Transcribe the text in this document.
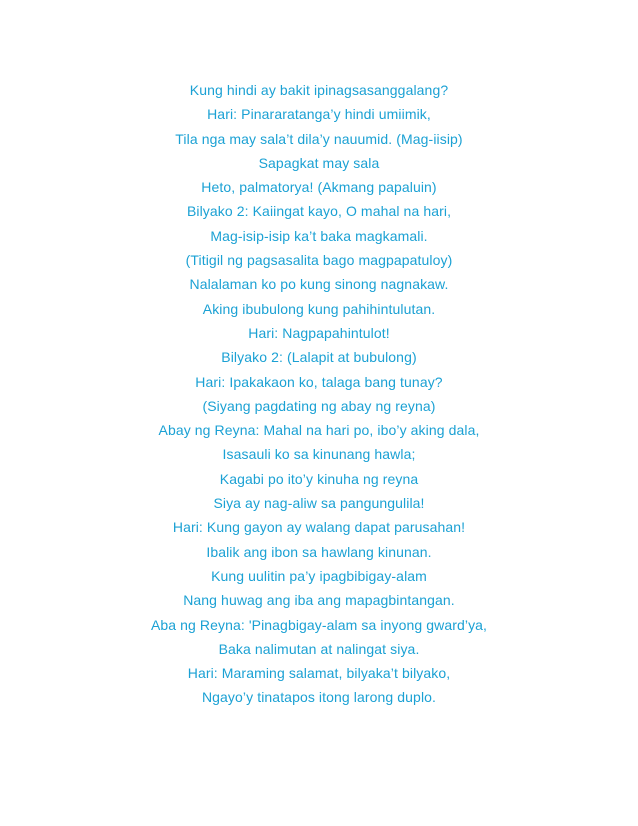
Kung hindi ay bakit ipinagsasanggalang?
Hari: Pinararatanga’y hindi umiimik,
Tila nga may sala’t dila’y nauumid. (Mag-iisip)
Sapagkat may sala
Heto, palmatorya! (Akmang papaluin)
Bilyako 2: Kaiingat kayo, O mahal na hari,
Mag-isip-isip ka’t baka magkamali.
(Titigil ng pagsasalita bago magpapatuloy)
Nalalaman ko po kung sinong nagnakaw.
Aking ibubulong kung pahihintulutan.
Hari: Nagpapahintulot!
Bilyako 2: (Lalapit at bubulong)
Hari: Ipakakaon ko, talaga bang tunay?
(Siyang pagdating ng abay ng reyna)
Abay ng Reyna: Mahal na hari po, ibo’y aking dala,
Isasauli ko sa kinunang hawla;
Kagabi po ito’y kinuha ng reyna
Siya ay nag-aliw sa pangungulila!
Hari: Kung gayon ay walang dapat parusahan!
Ibalik ang ibon sa hawlang kinunan.
Kung uulitin pa’y ipagbibigay-alam
Nang huwag ang iba ang mapagbintangan.
Aba ng Reyna: 'Pinagbigay-alam sa inyong gward’ya,
Baka nalimutan at nalingat siya.
Hari: Maraming salamat, bilyaka’t bilyako,
Ngayo’y tinatapos itong larong duplo.
